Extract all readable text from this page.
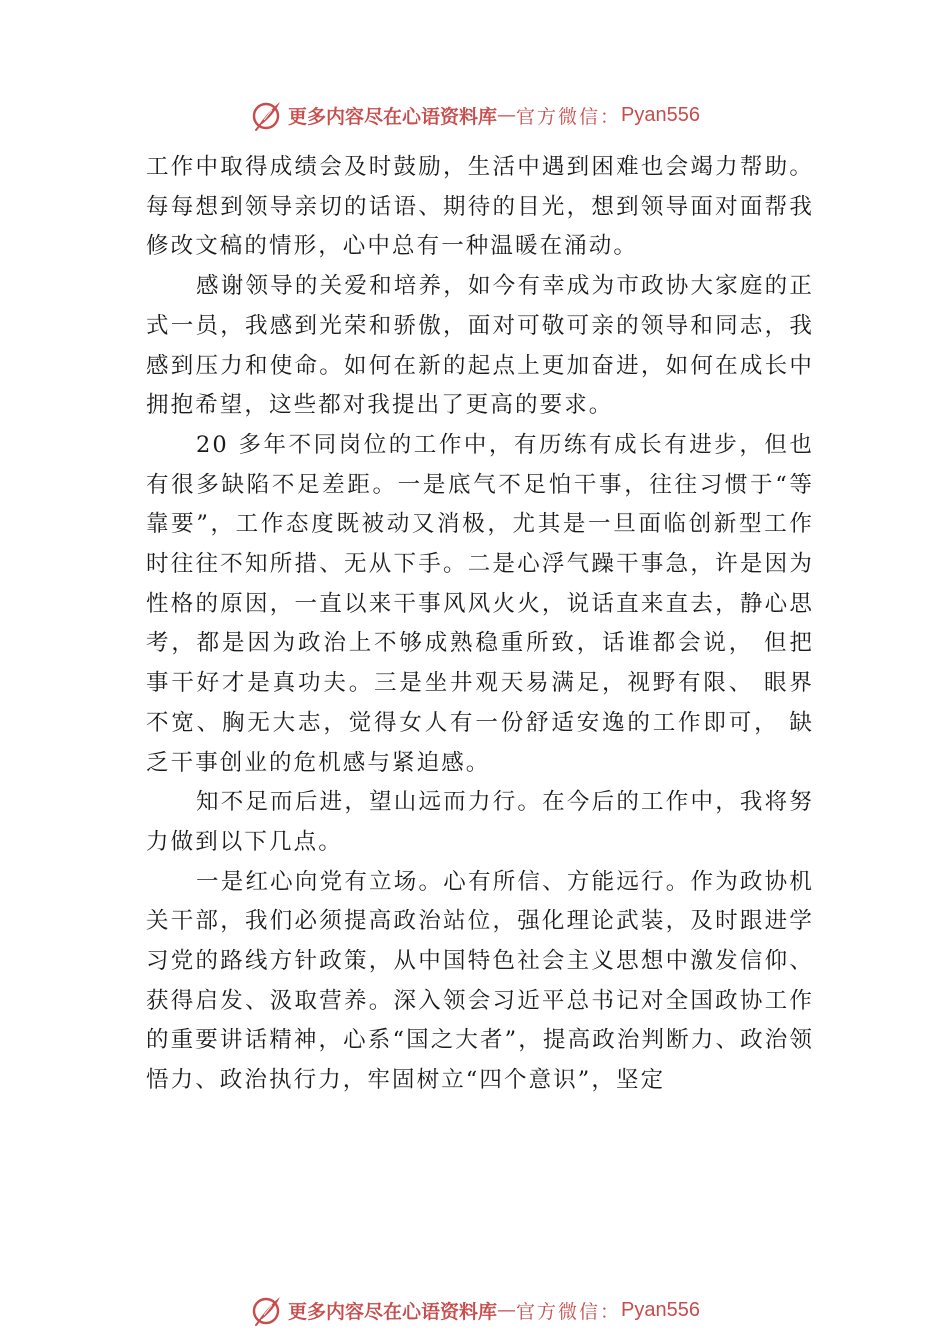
更多内容尽在心语资料库 — 官方微信： Pyan556

工作中取得成绩会及时鼓励，生活中遇到困难也会竭力帮助。每每想到领导亲切的话语、期待的目光，想到领导面对面帮我修改文稿的情形，心中总有一种温暖在涌动。

感谢领导的关爱和培养，如今有幸成为市政协大家庭的正式一员，我感到光荣和骄傲，面对可敬可亲的领导和同志，我感到压力和使命。如何在新的起点上更加奋进，如何在成长中拥抱希望，这些都对我提出了更高的要求。

20 多年不同岗位的工作中，有历练有成长有进步，但也有很多缺陷不足差距。一是底气不足怕干事，往往习惯于“等靠要”，工作态度既被动又消极，尤其是一旦面临创新型工作时往往不知所措、无从下手。二是心浮气躁干事急，许是因为性格的原因，一直以来干事风风火火，说话直来直去，静心思考，都是因为政治上不够成熟稳重所致，话谁都会说， 但把事干好才是真功夫。三是坐井观天易满足，视野有限、 眼界不宽、胸无大志，觉得女人有一份舒适安逸的工作即可， 缺乏干事创业的危机感与紧迫感。

知不足而后进，望山远而力行。在今后的工作中，我将努力做到以下几点。

一是红心向党有立场。心有所信、方能远行。作为政协机关干部，我们必须提高政治站位，强化理论武装，及时跟进学习党的路线方针政策，从中国特色社会主义思想中激发信仰、获得启发、汲取营养。深入领会习近平总书记对全国政协工作的重要讲话精神，心系“国之大者”，提高政治判断力、政治领悟力、政治执行力，牢固树立“四个意识”，坚定

更多内容尽在心语资料库 — 官方微信： Pyan556
